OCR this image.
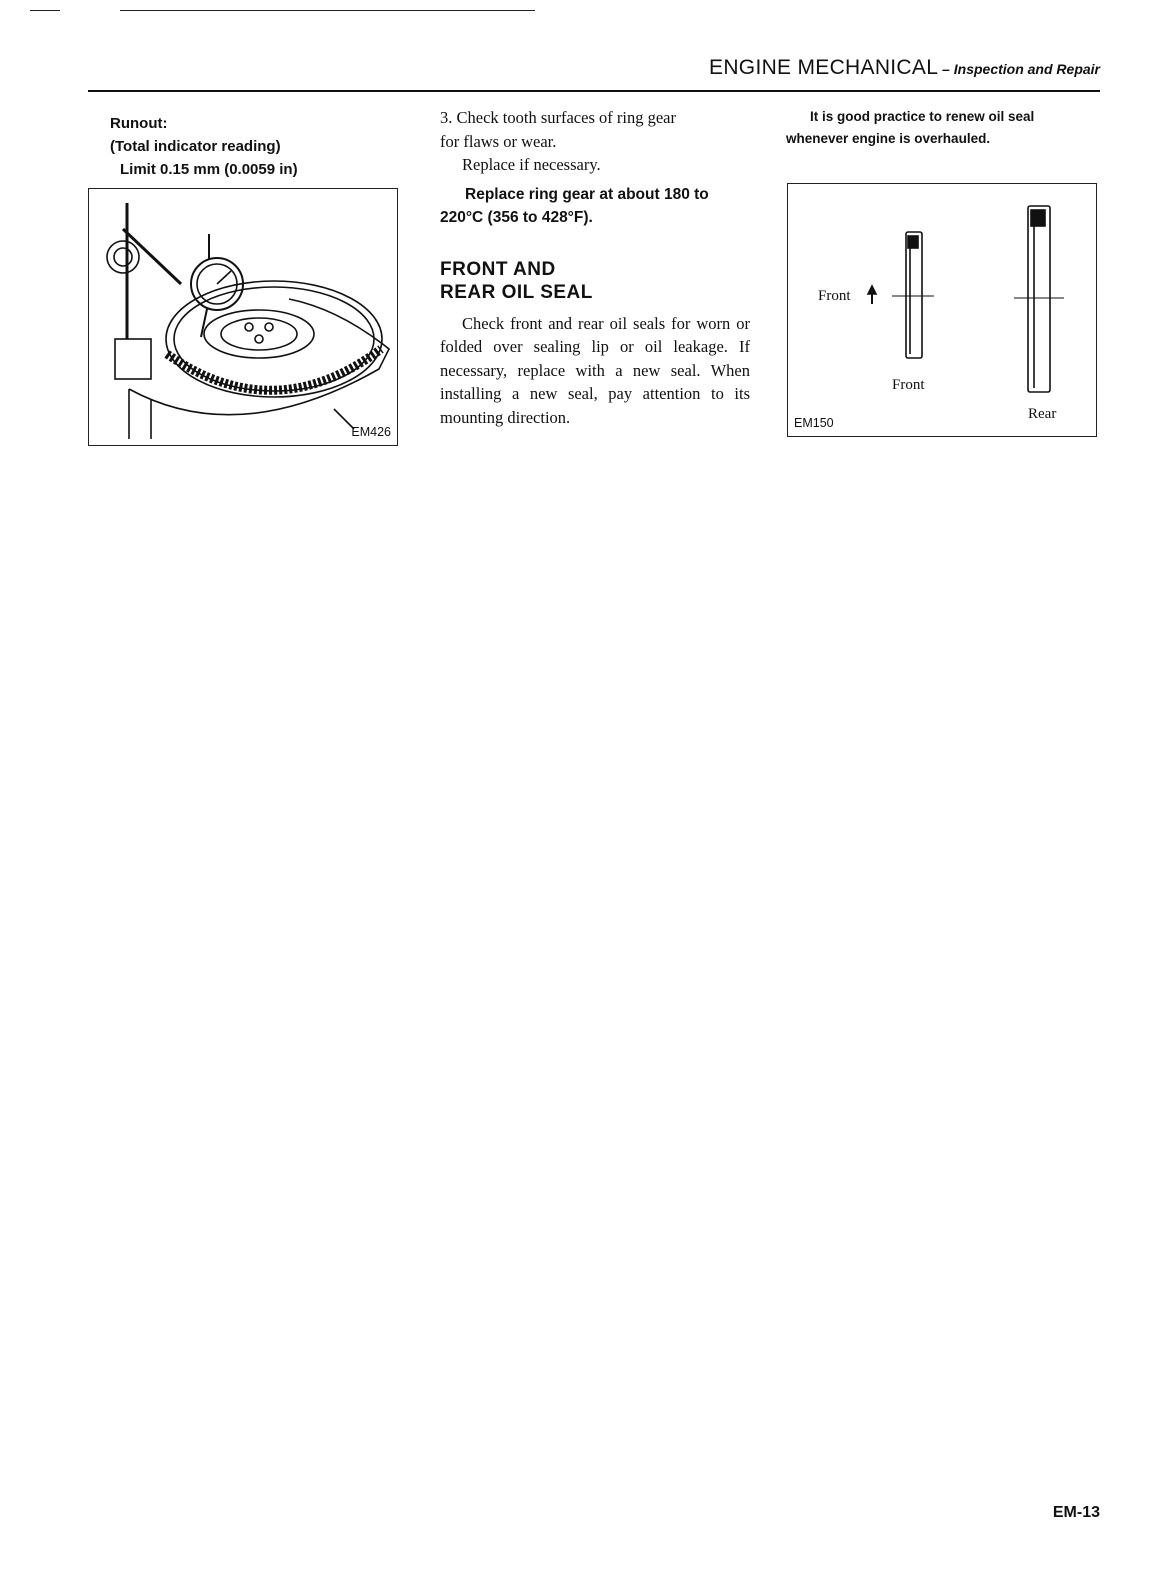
ENGINE MECHANICAL – Inspection and Repair
Runout:
(Total indicator reading)
Limit 0.15 mm (0.0059 in)
EM426

3. Check tooth surfaces of ring gear

for flaws or wear.

Replace if necessary.

Replace ring gear at about 180 to

220°C (356 to 428°F).

FRONT AND
REAR OIL SEAL

Check front and rear oil seals for worn or folded over sealing lip or oil leakage. If necessary, replace with a new seal. When installing a new seal, pay attention to its mounting direction.

It is good practice to renew oil seal
whenever engine is overhauled.
Front
Front
Rear
EM150
EM-13
